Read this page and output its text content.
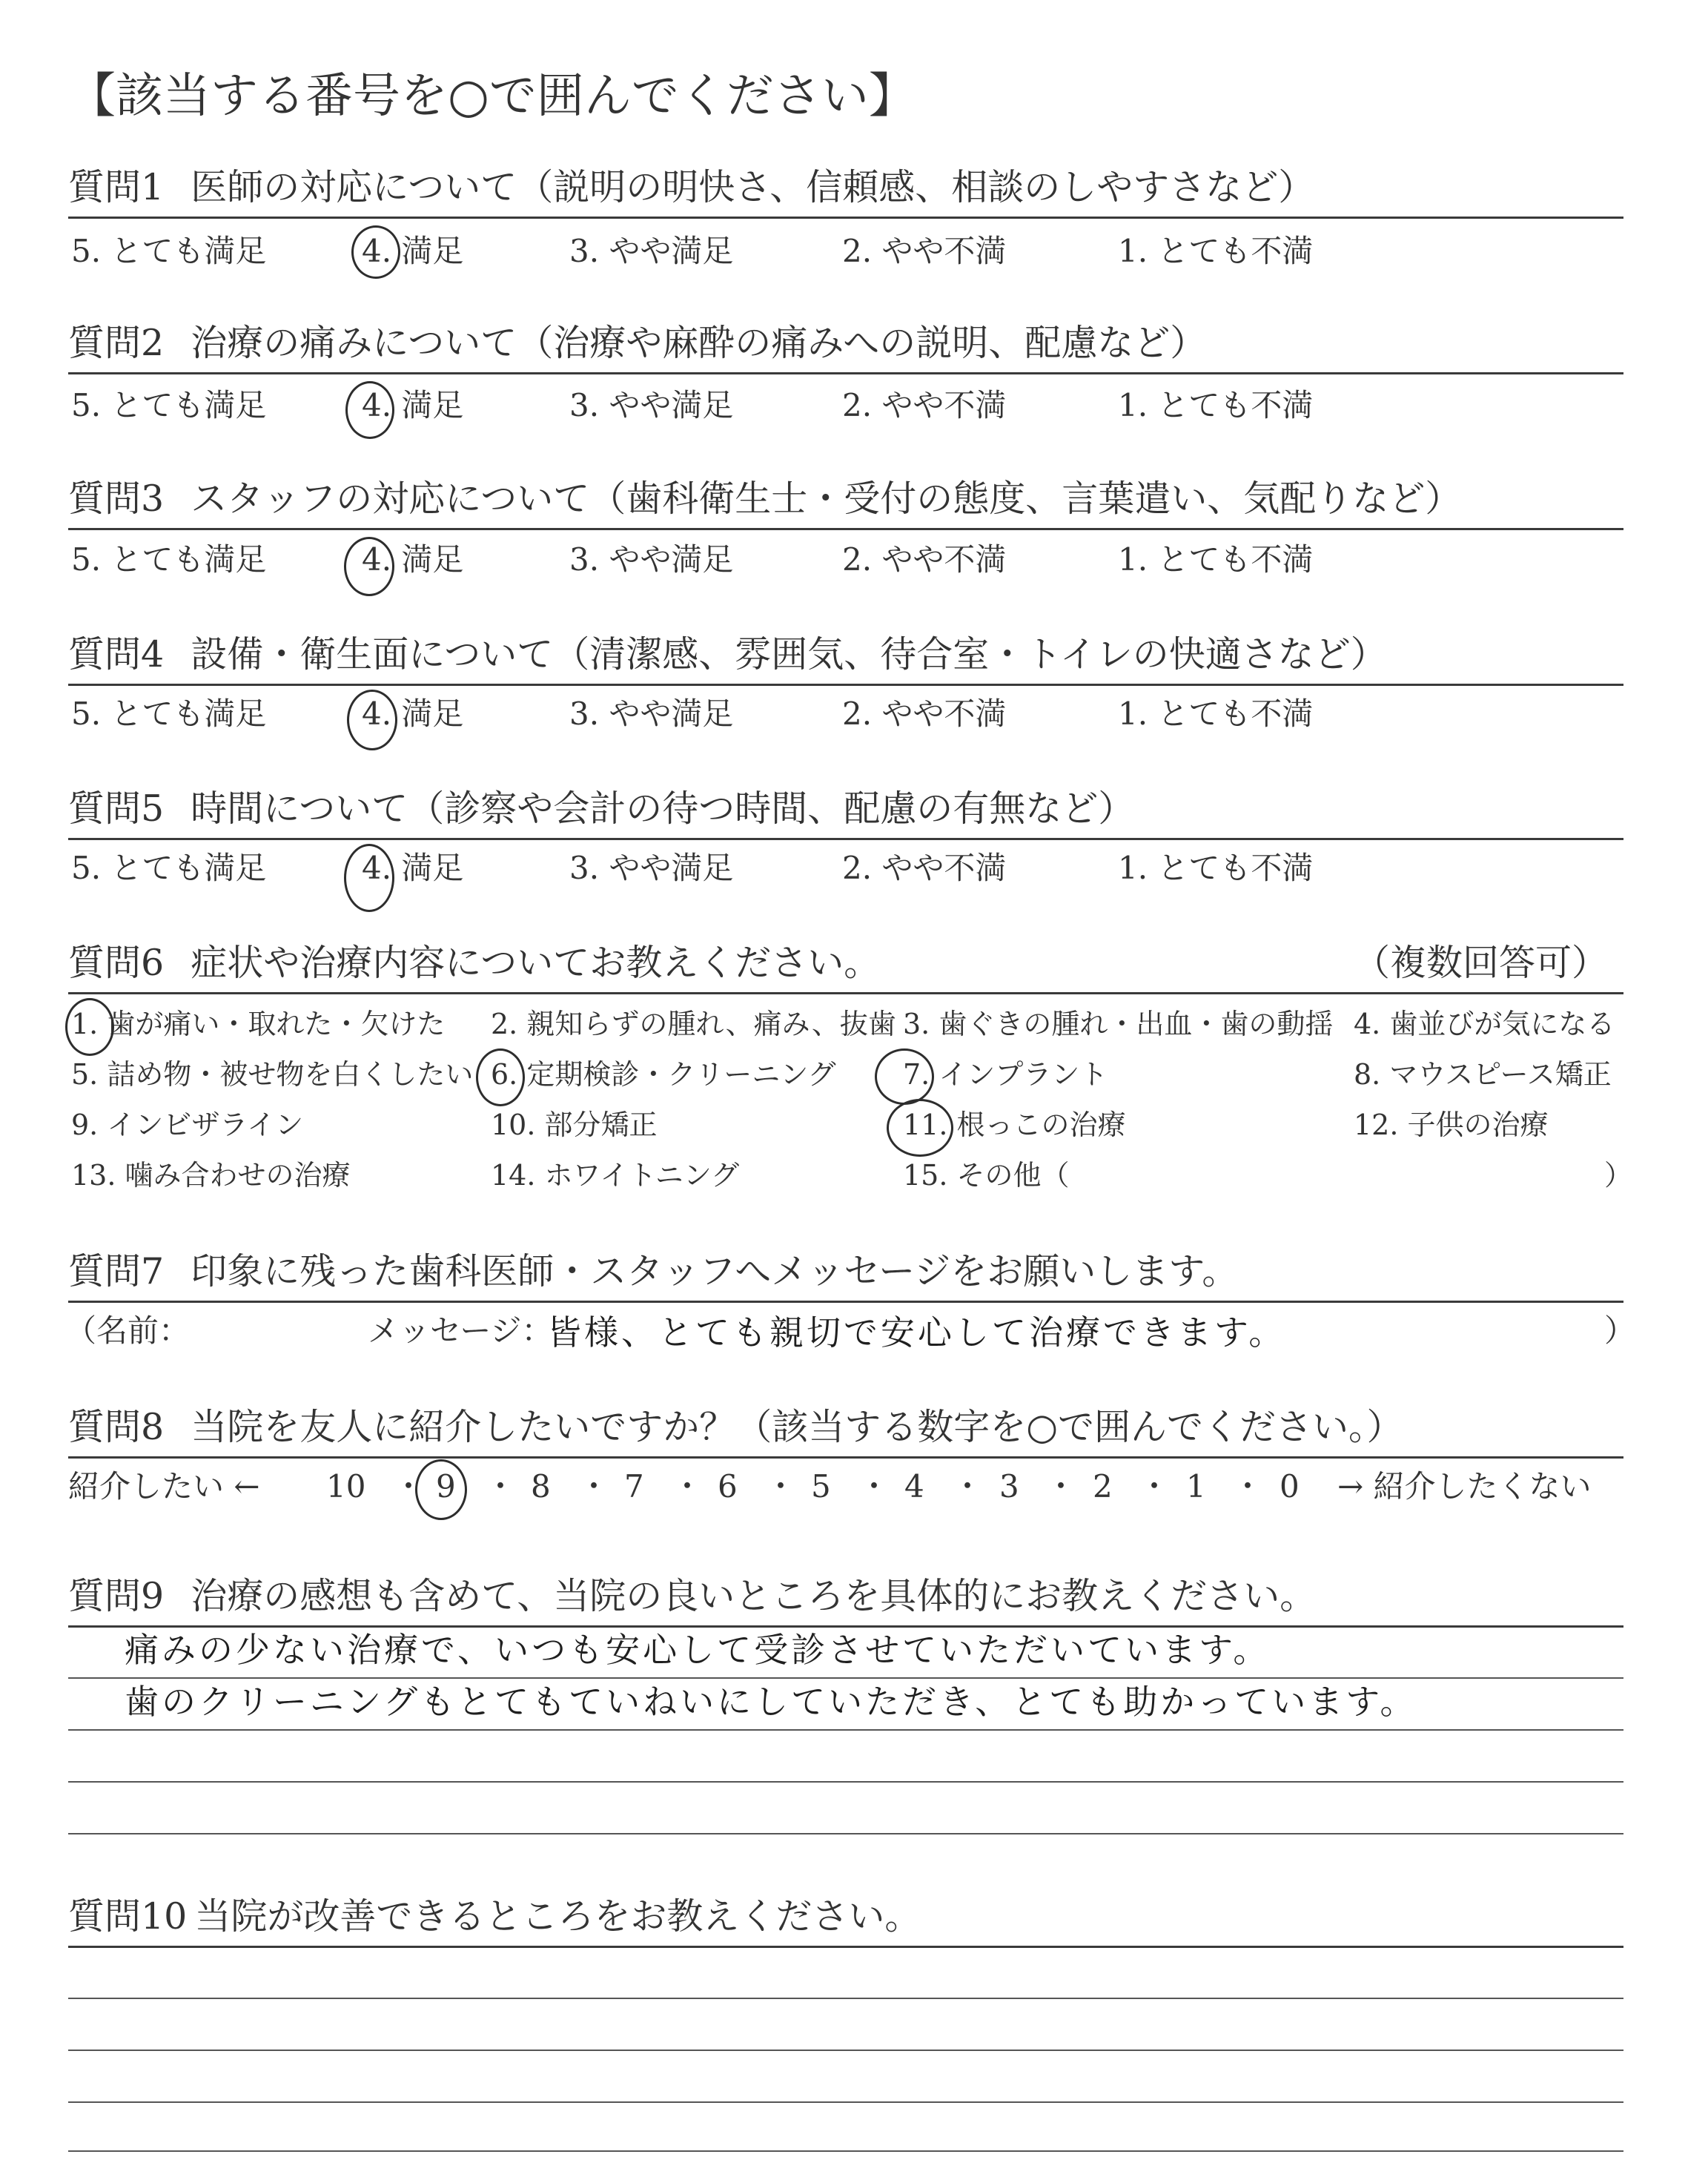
【該当する番号を○で囲んでください】
質問1 医師の対応について（説明の明快さ、信頼感、相談のしやすさなど）
5. とても満足	4. 満足	3. やや満足	2. やや不満	1. とても不満
質問2 治療の痛みについて（治療や麻酔の痛みへの説明、配慮など）
5. とても満足	4. 満足	3. やや満足	2. やや不満	1. とても不満
質問3 スタッフの対応について（歯科衛生士・受付の態度、言葉遣い、気配りなど）
5. とても満足	4. 満足	3. やや満足	2. やや不満	1. とても不満
質問4 設備・衛生面について（清潔感、雰囲気、待合室・トイレの快適さなど）
5. とても満足	4. 満足	3. やや満足	2. やや不満	1. とても不満
質問5 時間について（診察や会計の待つ時間、配慮の有無など）
5. とても満足	4. 満足	3. やや満足	2. やや不満	1. とても不満
質問6 症状や治療内容についてお教えください。	（複数回答可）
1. 歯が痛い・取れた・欠けた 2. 親知らずの腫れ、痛み、抜歯 3. 歯ぐきの腫れ・出血・歯の動揺 4. 歯並びが気になる
5. 詰め物・被せ物を白くしたい 6. 定期検診・クリーニング 7. インプラント	8. マウスピース矯正
9. インビザライン	10. 部分矯正	11. 根っこの治療	12. 子供の治療
13. 噛み合わせの治療	14. ホワイトニング	15. その他（	）
質問7 印象に残った歯科医師・スタッフへメッセージをお願いします。
（名前：	メッセージ：
皆様、とても親切で安心して治療できます。	）
質問8 当院を友人に紹介したいですか？（該当する数字を○で囲んでください。）
紹介したい ←	→ 紹介したくない
10 ・ 9 ・ 8 ・ 7 ・ 6 ・ 5 ・ 4 ・ 3 ・ 2 ・ 1 ・ 0
質問9 治療の感想も含めて、当院の良いところを具体的にお教えください。
痛みの少ない治療で、いつも安心して受診させていただいています。
歯のクリーニングもとてもていねいにしていただき、とても助かっています。
質問10 当院が改善できるところをお教えください。
